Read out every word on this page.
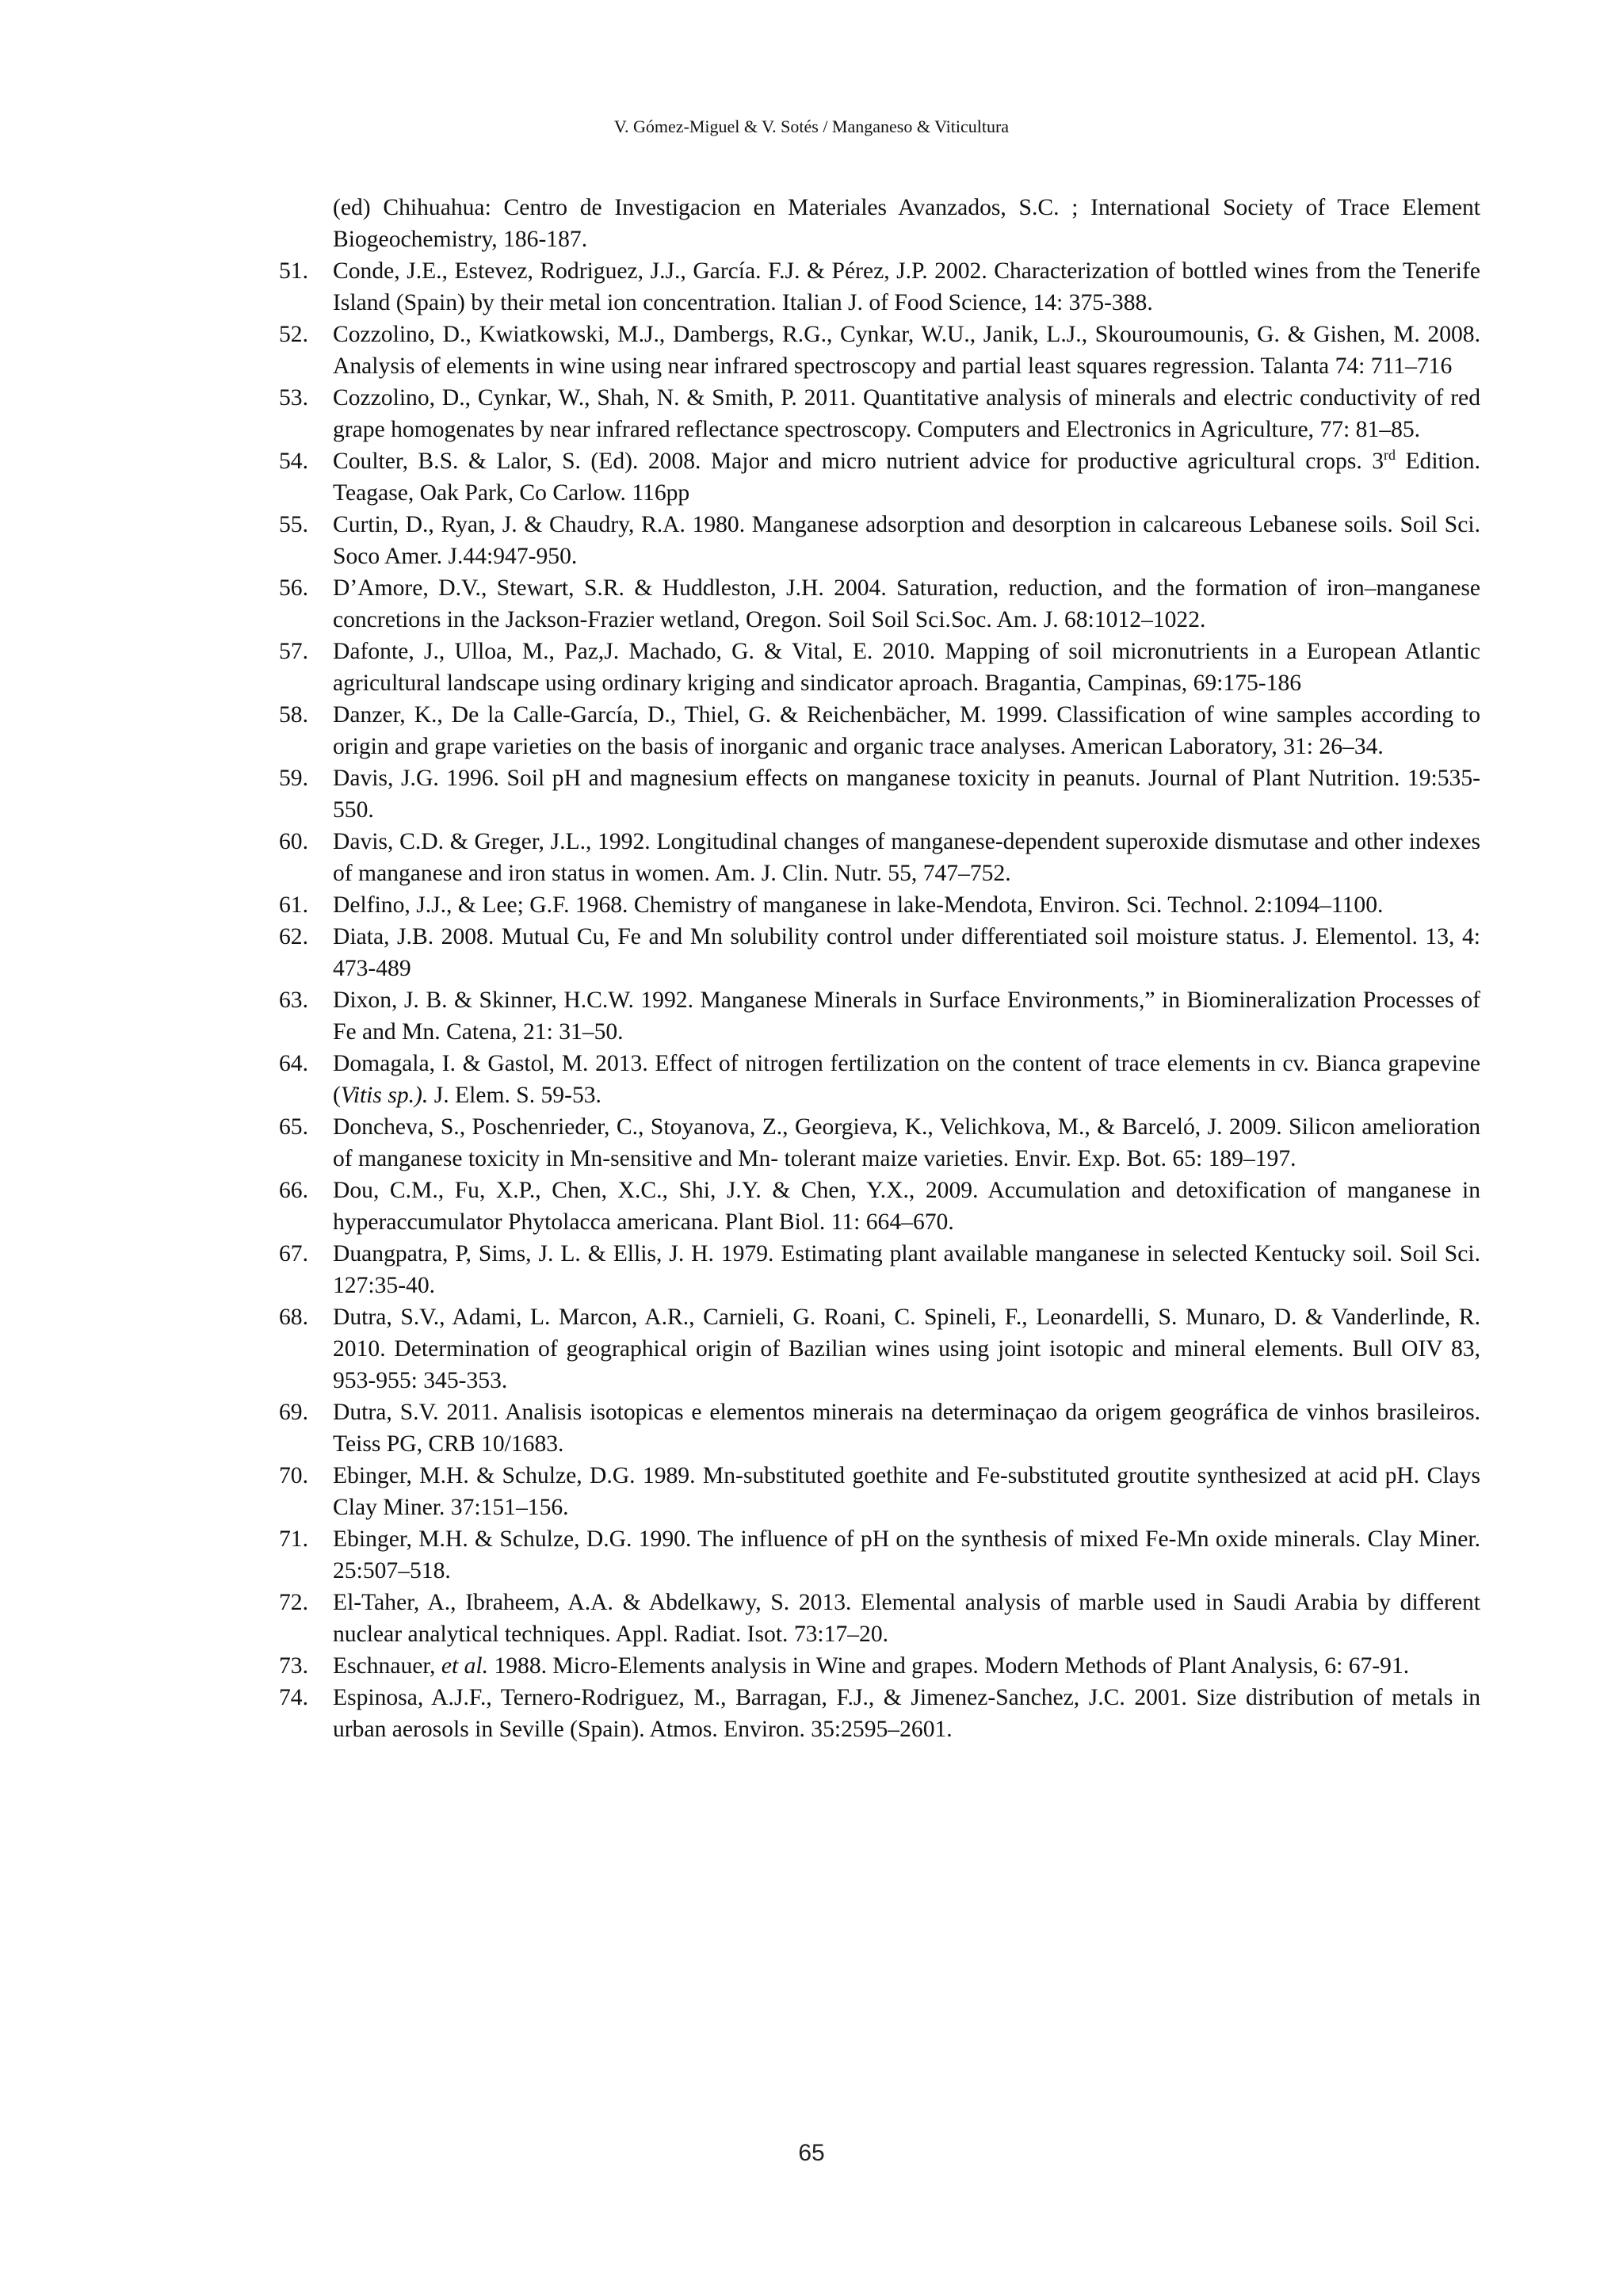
V. Gómez-Miguel & V. Sotés / Manganeso & Viticultura

(ed) Chihuahua: Centro de Investigacion en Materiales Avanzados, S.C. ; International Society of Trace Element Biogeochemistry, 186-187.

51.	Conde, J.E., Estevez, Rodriguez, J.J., García. F.J. & Pérez, J.P. 2002. Characterization of bottled wines from the Tenerife Island (Spain) by their metal ion concentration. Italian J. of Food Science, 14: 375-388.

52.	Cozzolino, D., Kwiatkowski, M.J., Dambergs, R.G., Cynkar, W.U., Janik, L.J., Skouroumounis, G. & Gishen, M. 2008. Analysis of elements in wine using near infrared spectroscopy and partial least squares regression. Talanta 74: 711–716

53.	Cozzolino, D., Cynkar, W., Shah, N. & Smith, P. 2011. Quantitative analysis of minerals and electric conductivity of red grape homogenates by near infrared reflectance spectroscopy. Computers and Electronics in Agriculture, 77: 81–85.

54.	Coulter, B.S. & Lalor, S. (Ed). 2008. Major and micro nutrient advice for productive agricultural crops. 3rd Edition. Teagase, Oak Park, Co Carlow. 116pp

55.	Curtin, D., Ryan, J. & Chaudry, R.A. 1980. Manganese adsorption and desorption in calcareous Lebanese soils. Soil Sci. Soco Amer. J.44:947-950.

56.	D’Amore, D.V., Stewart, S.R. & Huddleston, J.H. 2004. Saturation, reduction, and the formation of iron–manganese concretions in the Jackson-Frazier wetland, Oregon. Soil Soil Sci.Soc. Am. J. 68:1012–1022.

57.	Dafonte, J., Ulloa, M., Paz,J. Machado, G. & Vital, E. 2010. Mapping of soil micronutrients in a European Atlantic agricultural landscape using ordinary kriging and sindicator aproach. Bragantia, Campinas, 69:175-186

58.	Danzer, K., De la Calle-García, D., Thiel, G. & Reichenbächer, M. 1999. Classification of wine samples according to origin and grape varieties on the basis of inorganic and organic trace analyses. American Laboratory, 31: 26–34.

59.	Davis, J.G. 1996. Soil pH and magnesium effects on manganese toxicity in peanuts. Journal of Plant Nutrition. 19:535-550.

60.	Davis, C.D. & Greger, J.L., 1992. Longitudinal changes of manganese-dependent superoxide dismutase and other indexes of manganese and iron status in women. Am. J. Clin. Nutr. 55, 747–752.

61.	Delfino, J.J., & Lee; G.F. 1968. Chemistry of manganese in lake-Mendota, Environ. Sci. Technol. 2:1094–1100.

62.	Diata, J.B. 2008. Mutual Cu, Fe and Mn solubility control under differentiated soil moisture status. J. Elementol. 13, 4: 473-489

63.	Dixon, J. B. & Skinner, H.C.W. 1992. Manganese Minerals in Surface Environments,” in Biomineralization Processes of Fe and Mn. Catena, 21: 31–50.

64.	Domagala, I. & Gastol, M. 2013. Effect of nitrogen fertilization on the content of trace elements in cv. Bianca grapevine (Vitis sp.). J. Elem. S. 59-53.

65.	Doncheva, S., Poschenrieder, C., Stoyanova, Z., Georgieva, K., Velichkova, M., & Barceló, J. 2009. Silicon amelioration of manganese toxicity in Mn-sensitive and Mn- tolerant maize varieties. Envir. Exp. Bot. 65: 189–197.

66.	Dou, C.M., Fu, X.P., Chen, X.C., Shi, J.Y. & Chen, Y.X., 2009. Accumulation and detoxification of manganese in hyperaccumulator Phytolacca americana. Plant Biol. 11: 664–670.

67.	Duangpatra, P, Sims, J. L. & Ellis, J. H. 1979. Estimating plant available manganese in selected Kentucky soil. Soil Sci. 127:35-40.

68.	Dutra, S.V., Adami, L. Marcon, A.R., Carnieli, G. Roani, C. Spineli, F., Leonardelli, S. Munaro, D. & Vanderlinde, R. 2010. Determination of geographical origin of Bazilian wines using joint isotopic and mineral elements. Bull OIV 83, 953-955: 345-353.

69.	Dutra, S.V. 2011. Analisis isotopicas e elementos minerais na determinaçao da origem geográfica de vinhos brasileiros. Teiss PG, CRB 10/1683.

70.	Ebinger, M.H. & Schulze, D.G. 1989. Mn-substituted goethite and Fe-substituted groutite synthesized at acid pH. Clays Clay Miner. 37:151–156.

71.	Ebinger, M.H. & Schulze, D.G. 1990. The influence of pH on the synthesis of mixed Fe-Mn oxide minerals. Clay Miner. 25:507–518.

72.	El-Taher, A., Ibraheem, A.A. & Abdelkawy, S. 2013. Elemental analysis of marble used in Saudi Arabia by different nuclear analytical techniques. Appl. Radiat. Isot. 73:17–20.

73.	Eschnauer, et al. 1988. Micro-Elements analysis in Wine and grapes. Modern Methods of Plant Analysis, 6: 67-91.

74.	Espinosa, A.J.F., Ternero-Rodriguez, M., Barragan, F.J., & Jimenez-Sanchez, J.C. 2001. Size distribution of metals in urban aerosols in Seville (Spain). Atmos. Environ. 35:2595–2601.

65
